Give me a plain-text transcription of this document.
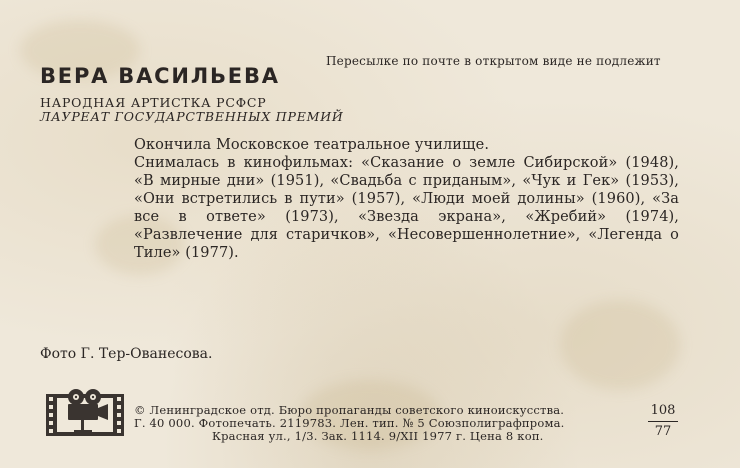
Пересылке по почте в открытом виде не подлежит
ВЕРА ВАСИЛЬЕВА
НАРОДНАЯ АРТИСТКА РСФСР
ЛАУРЕАТ ГОСУДАРСТВЕННЫХ ПРЕМИЙ
Окончила Московское театральное училище.
Снималась в кинофильмах: «Сказание о земле Сибирской» (1948), «В мирные дни» (1951), «Свадьба с приданым», «Чук и Гек» (1953), «Они встретились в пути» (1957), «Люди моей долины» (1960), «За все в ответе» (1973), «Звезда экрана», «Жребий» (1974), «Развлечение для старичков», «Несовершеннолетние», «Легенда о Тиле» (1977).
Фото Г. Тер-Ованесова.
© Ленинградское отд. Бюро пропаганды советского киноискусства.
Г. 40 000. Фотопечать. 2119783. Лен. тип. № 5 Союзполиграфпрома.
Красная ул., 1/3. Зак. 1114. 9/XII 1977 г. Цена 8 коп.
108
77
